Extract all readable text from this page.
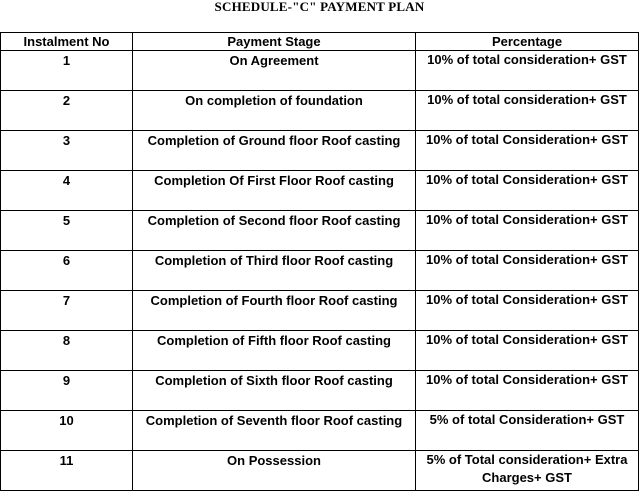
SCHEDULE-"C" PAYMENT PLAN
Instalment No	Payment Stage	Percentage
1	On Agreement	10% of total consideration+ GST
2	On completion of foundation	10% of total consideration+ GST
3	Completion of Ground floor Roof casting	10% of total Consideration+ GST
4	Completion Of First Floor Roof casting	10% of total Consideration+ GST
5	Completion of Second floor Roof casting	10% of total Consideration+ GST
6	Completion of Third floor Roof casting	10% of total Consideration+ GST
7	Completion of Fourth floor Roof casting	10% of total Consideration+ GST
8	Completion of Fifth floor Roof casting	10% of total Consideration+ GST
9	Completion of Sixth floor Roof casting	10% of total Consideration+ GST
10	Completion of Seventh floor Roof casting	5% of total Consideration+ GST
11	On Possession	5% of Total consideration+ Extra Charges+ GST
